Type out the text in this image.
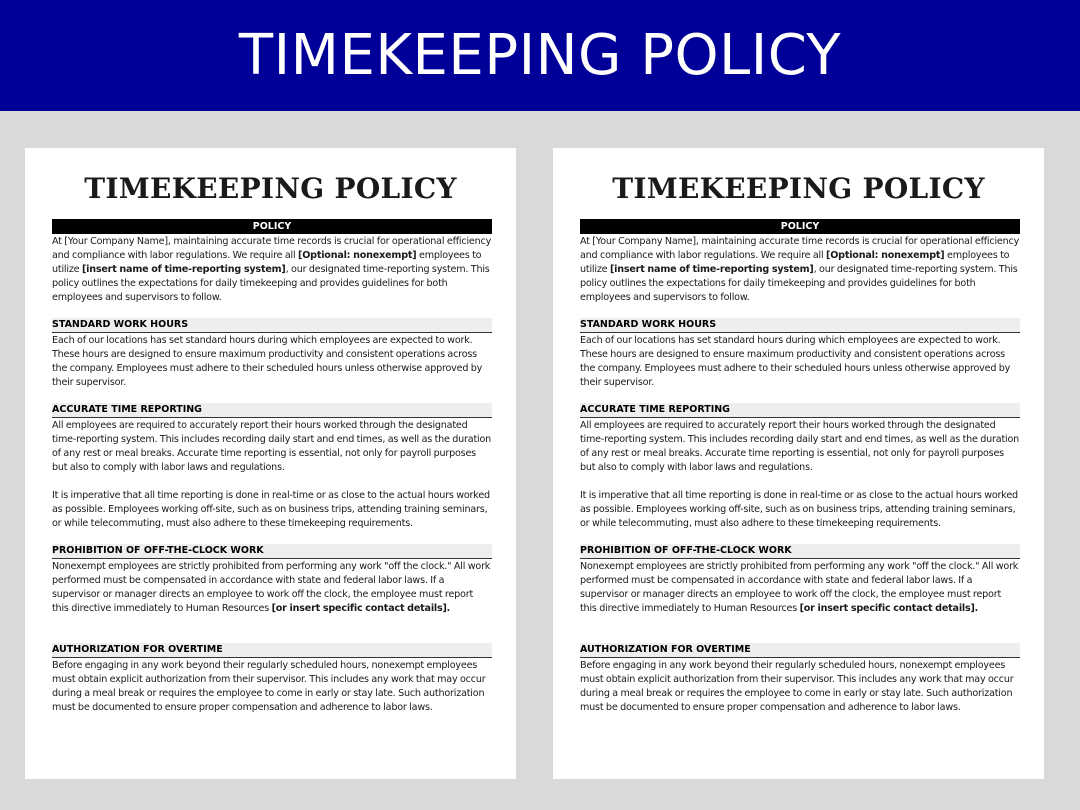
TIMEKEEPING POLICY
TIMEKEEPING POLICY
POLICY

At [Your Company Name], maintaining accurate time records is crucial for operational efficiency and compliance with labor regulations. We require all [Optional: nonexempt] employees to utilize [insert name of time-reporting system], our designated time-reporting system. This policy outlines the expectations for daily timekeeping and provides guidelines for both employees and supervisors to follow.

STANDARD WORK HOURS

Each of our locations has set standard hours during which employees are expected to work. These hours are designed to ensure maximum productivity and consistent operations across the company. Employees must adhere to their scheduled hours unless otherwise approved by their supervisor.

ACCURATE TIME REPORTING

All employees are required to accurately report their hours worked through the designated time-reporting system. This includes recording daily start and end times, as well as the duration of any rest or meal breaks. Accurate time reporting is essential, not only for payroll purposes but also to comply with labor laws and regulations.

It is imperative that all time reporting is done in real-time or as close to the actual hours worked as possible. Employees working off-site, such as on business trips, attending training seminars, or while telecommuting, must also adhere to these timekeeping requirements.

PROHIBITION OF OFF-THE-CLOCK WORK

Nonexempt employees are strictly prohibited from performing any work "off the clock." All work performed must be compensated in accordance with state and federal labor laws. If a supervisor or manager directs an employee to work off the clock, the employee must report this directive immediately to Human Resources [or insert specific contact details].

AUTHORIZATION FOR OVERTIME

Before engaging in any work beyond their regularly scheduled hours, nonexempt employees must obtain explicit authorization from their supervisor. This includes any work that may occur during a meal break or requires the employee to come in early or stay late. Such authorization must be documented to ensure proper compensation and adherence to labor laws.

TIMEKEEPING POLICY
POLICY

At [Your Company Name], maintaining accurate time records is crucial for operational efficiency and compliance with labor regulations. We require all [Optional: nonexempt] employees to utilize [insert name of time-reporting system], our designated time-reporting system. This policy outlines the expectations for daily timekeeping and provides guidelines for both employees and supervisors to follow.

STANDARD WORK HOURS

Each of our locations has set standard hours during which employees are expected to work. These hours are designed to ensure maximum productivity and consistent operations across the company. Employees must adhere to their scheduled hours unless otherwise approved by their supervisor.

ACCURATE TIME REPORTING

All employees are required to accurately report their hours worked through the designated time-reporting system. This includes recording daily start and end times, as well as the duration of any rest or meal breaks. Accurate time reporting is essential, not only for payroll purposes but also to comply with labor laws and regulations.

It is imperative that all time reporting is done in real-time or as close to the actual hours worked as possible. Employees working off-site, such as on business trips, attending training seminars, or while telecommuting, must also adhere to these timekeeping requirements.

PROHIBITION OF OFF-THE-CLOCK WORK

Nonexempt employees are strictly prohibited from performing any work "off the clock." All work performed must be compensated in accordance with state and federal labor laws. If a supervisor or manager directs an employee to work off the clock, the employee must report this directive immediately to Human Resources [or insert specific contact details].

AUTHORIZATION FOR OVERTIME

Before engaging in any work beyond their regularly scheduled hours, nonexempt employees must obtain explicit authorization from their supervisor. This includes any work that may occur during a meal break or requires the employee to come in early or stay late. Such authorization must be documented to ensure proper compensation and adherence to labor laws.
